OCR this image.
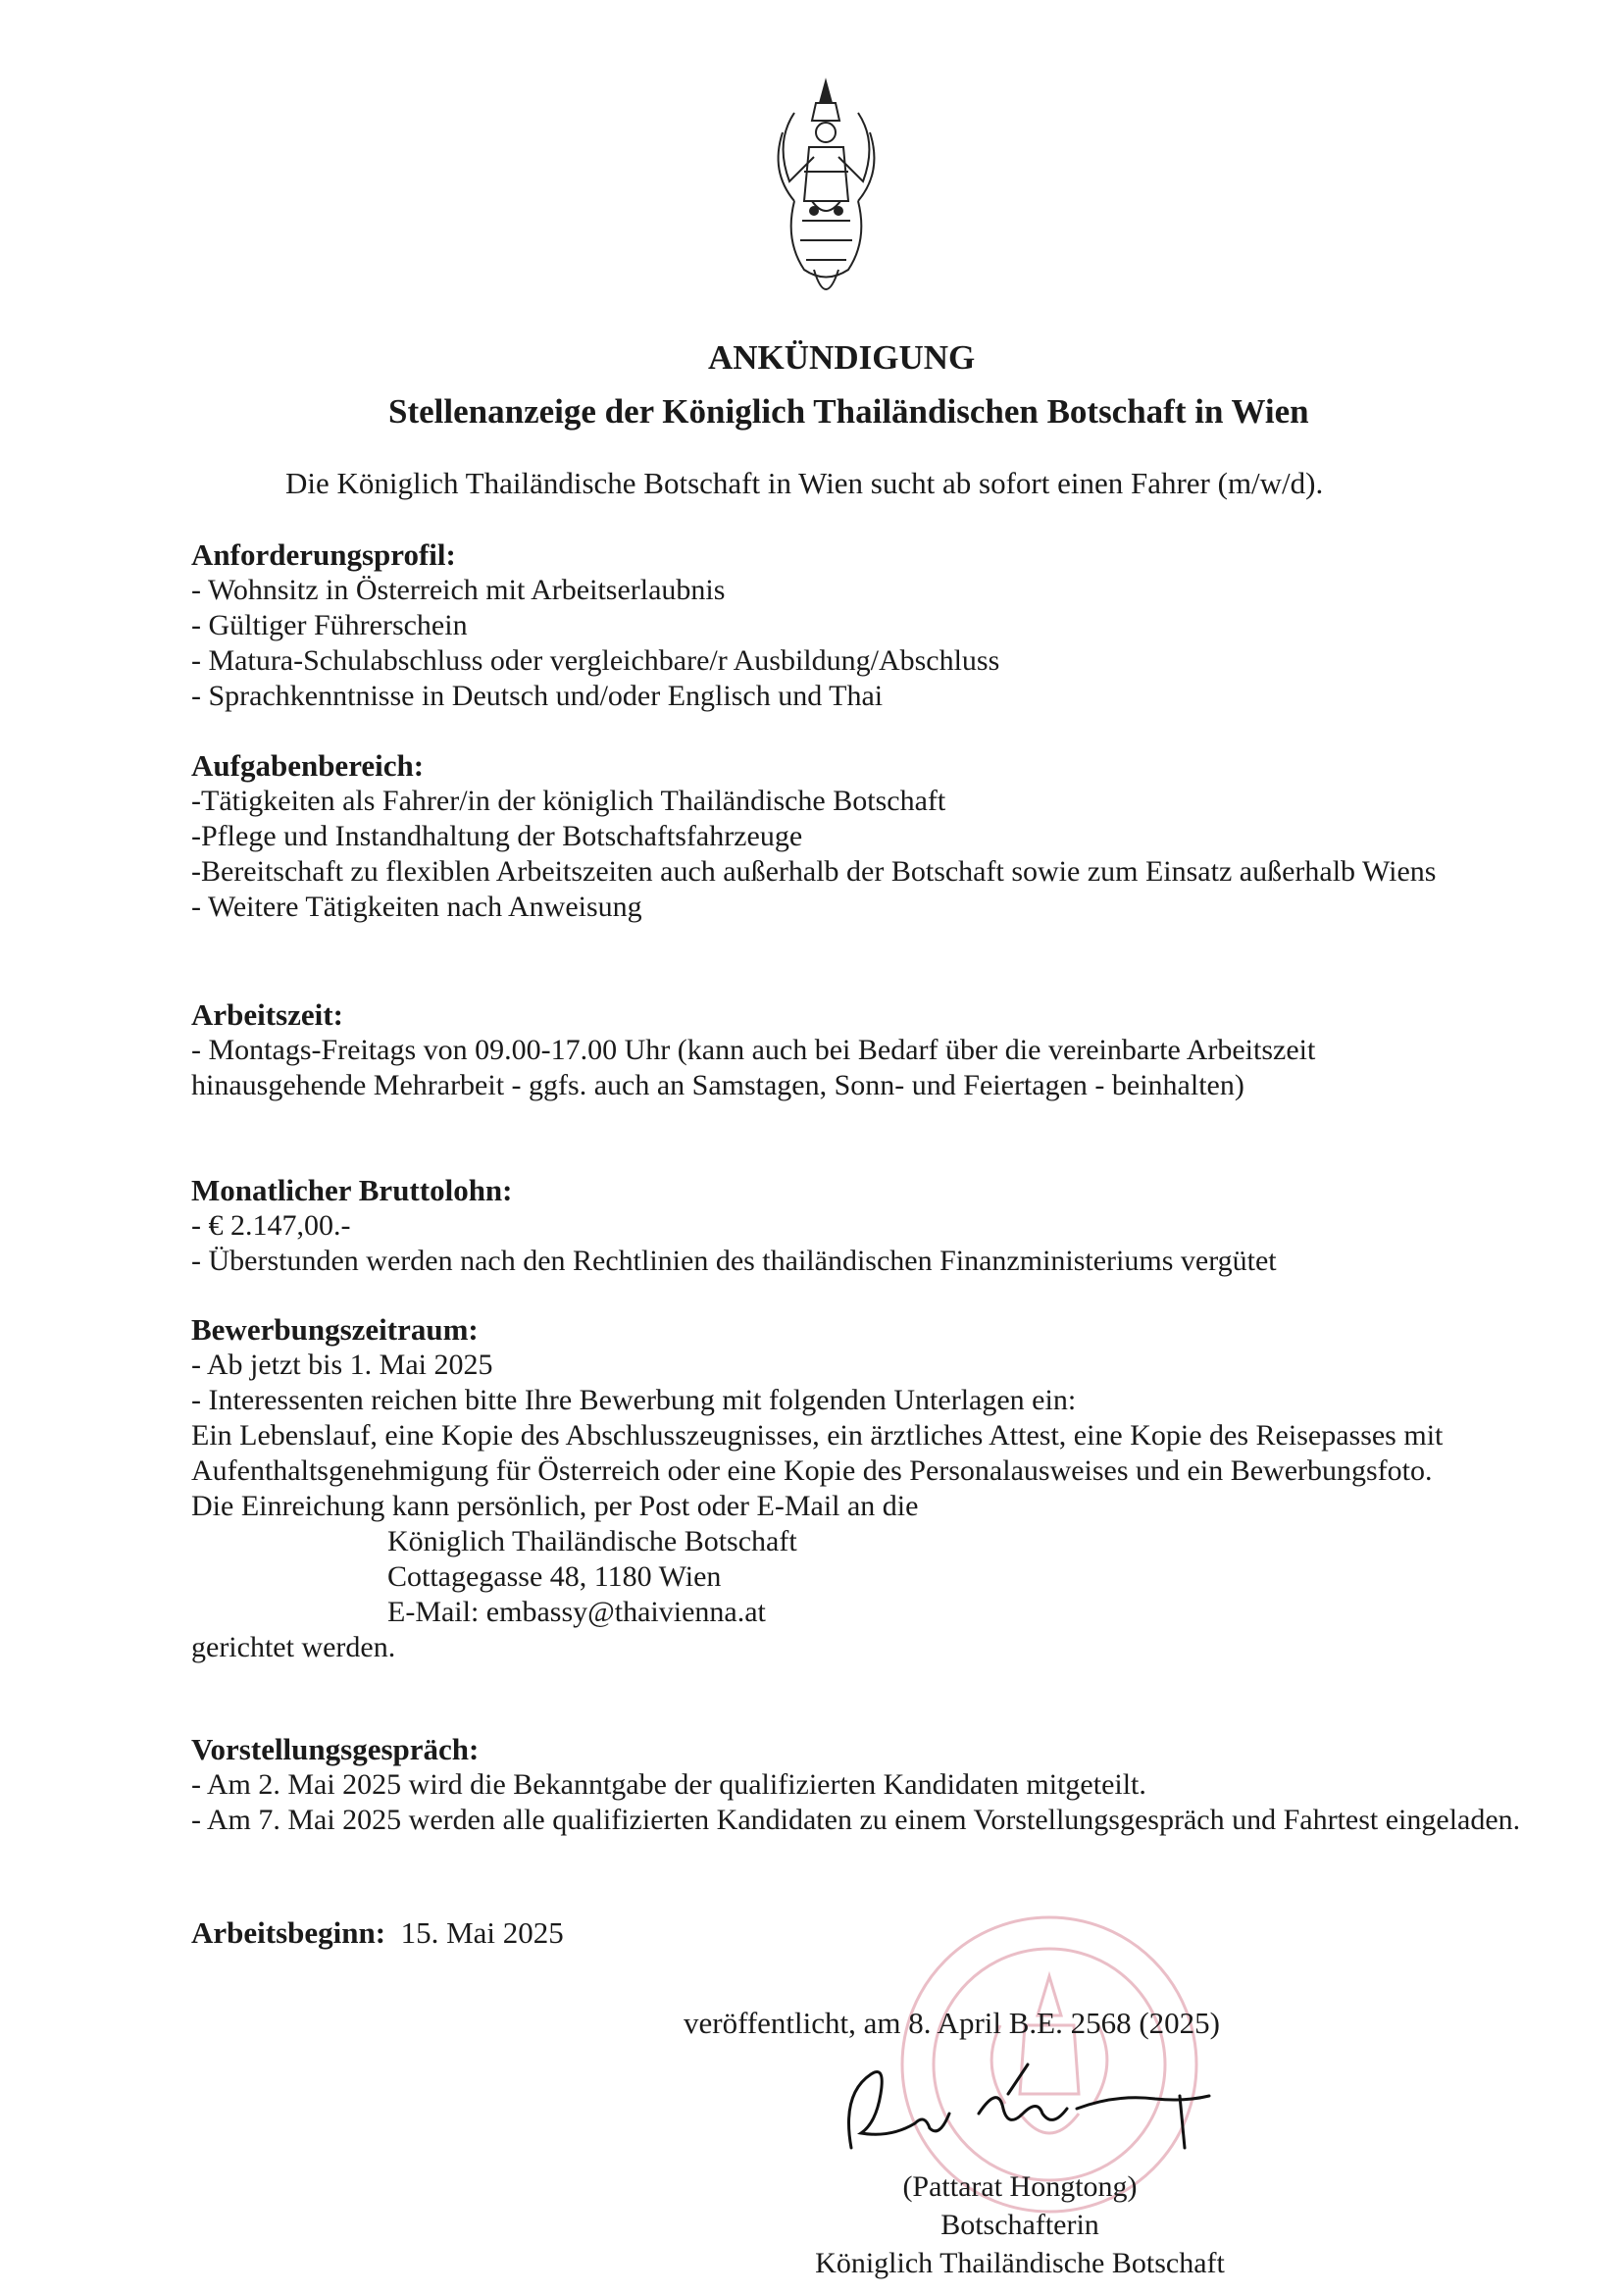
ANKÜNDIGUNG
Stellenanzeige der Königlich Thailändischen Botschaft in Wien
Die Königlich Thailändische Botschaft in Wien sucht ab sofort einen Fahrer (m/w/d).
Anforderungsprofil:
- Wohnsitz in Österreich mit Arbeitserlaubnis
- Gültiger Führerschein
- Matura-Schulabschluss oder vergleichbare/r Ausbildung/Abschluss
- Sprachkenntnisse in Deutsch und/oder Englisch und Thai
Aufgabenbereich:
-Tätigkeiten als Fahrer/in der königlich Thailändische Botschaft
-Pflege und Instandhaltung der Botschaftsfahrzeuge
-Bereitschaft zu flexiblen Arbeitszeiten auch außerhalb der Botschaft sowie zum Einsatz außerhalb Wiens
- Weitere Tätigkeiten nach Anweisung
Arbeitszeit:
- Montags-Freitags von 09.00-17.00 Uhr (kann auch bei Bedarf über die vereinbarte Arbeitszeit hinausgehende Mehrarbeit - ggfs. auch an Samstagen, Sonn- und Feiertagen - beinhalten)
Monatlicher Bruttolohn:
- € 2.147,00.-
- Überstunden werden nach den Rechtlinien des thailändischen Finanzministeriums vergütet
Bewerbungszeitraum:
- Ab jetzt bis 1. Mai 2025
- Interessenten reichen bitte Ihre Bewerbung mit folgenden Unterlagen ein:
Ein Lebenslauf, eine Kopie des Abschlusszeugnisses, ein ärztliches Attest, eine Kopie des Reisepasses mit Aufenthaltsgenehmigung für Österreich oder eine Kopie des Personalausweises und ein Bewerbungsfoto.
Die Einreichung kann persönlich, per Post oder E-Mail an die
Königlich Thailändische Botschaft
Cottagegasse 48, 1180 Wien
E-Mail: embassy@thaivienna.at
gerichtet werden.
Vorstellungsgespräch:
- Am 2. Mai 2025 wird die Bekanntgabe der qualifizierten Kandidaten mitgeteilt.
- Am 7. Mai 2025 werden alle qualifizierten Kandidaten zu einem Vorstellungsgespräch und Fahrtest eingeladen.
Arbeitsbeginn: 15. Mai 2025
veröffentlicht, am 8. April B.E. 2568 (2025)
(Pattarat Hongtong)
Botschafterin
Königlich Thailändische Botschaft
